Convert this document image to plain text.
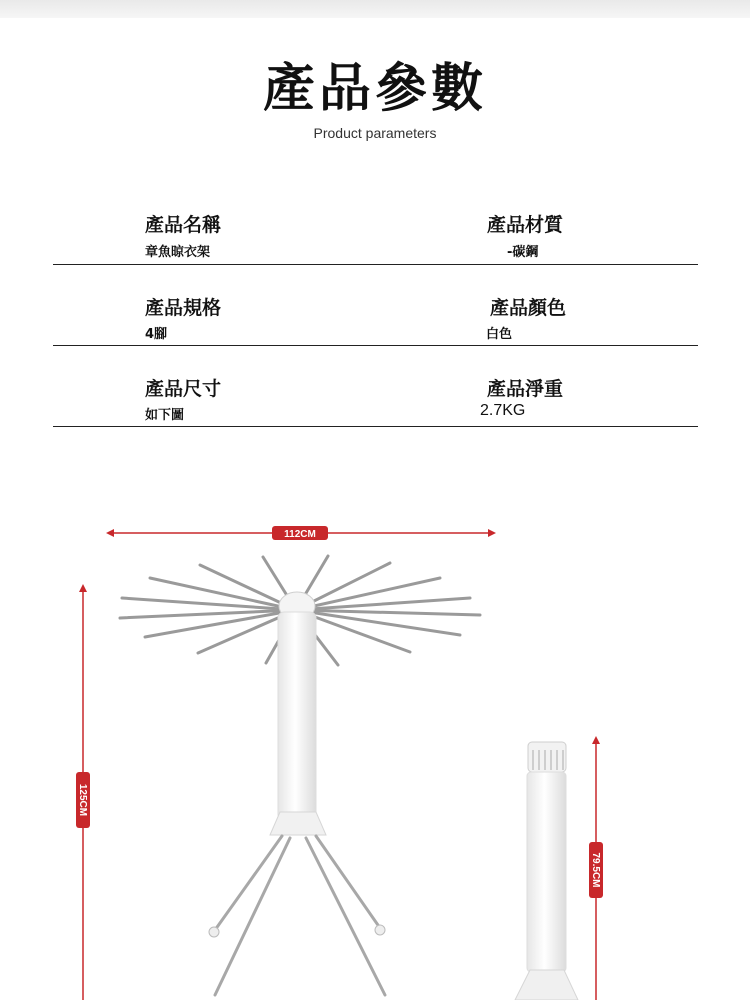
產品參數
Product parameters
產品名稱
章魚晾衣架
產品材質
-碳鋼
產品規格
4腳
產品顏色
白色
產品尺寸
如下圖
產品淨重
2.7KG
112CM
125CM
79.5CM
